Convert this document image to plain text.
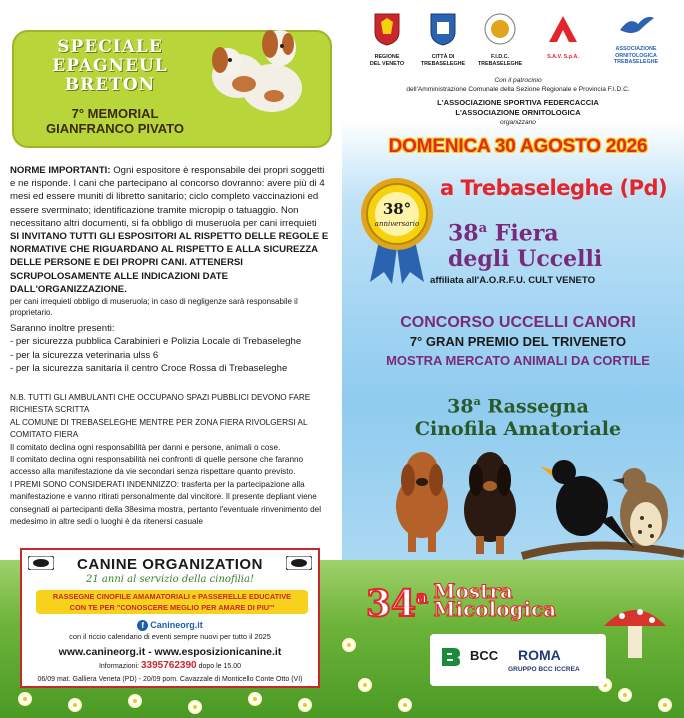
SPECIALE EPAGNEUL BRETON
7° MEMORIAL
GIANFRANCO PIVATO
NORME IMPORTANTI: Ogni espositore è responsabile dei propri soggetti e ne risponde. I cani che partecipano al concorso dovranno: avere più di 4 mesi ed essere muniti di libretto sanitario; ciclo completo vaccinazioni ed essere sverminato; identificazione tramite micropip o tatuaggio. Non necessitano altri documenti, si fa obbligo di museruola per cani irrequieti
SI INVITANO TUTTI GLI ESPOSITORI AL RISPETTO DELLE REGOLE E NORMATIVE CHE RIGUARDANO AL RISPETTO E ALLA SICUREZZA DELLE PERSONE E DEI PROPRI CANI. ATTENERSI SCRUPOLOSAMENTE ALLE INDICAZIONI DATE DALL'ORGANIZZAZIONE.
per cani irrequieti obbligo di museruola; in caso di negligenze sarà responsabile il proprietario.
Saranno inoltre presenti:
- per sicurezza pubblica Carabinieri e Polizia Locale di Trebaseleghe
- per la sicurezza veterinaria ulss 6
- per la sicurezza sanitaria il centro Croce Rossa di Trebaseleghe
N.B. TUTTI GLI AMBULANTI CHE OCCUPANO SPAZI PUBBLICI DEVONO FARE RICHIESTA SCRITTA
AL COMUNE DI TREBASELEGHE MENTRE PER ZONA FIERA RIVOLGERSI AL COMITATO FIERA
Il comitato declina ogni responsabilità per danni e persone, animali o cose.
Il comitato declina ogni responsabilità nei confronti di quelle persone che faranno accesso alla manifestazione da vie secondari senza rispettare quanto previsto.
I PREMI SONO CONSIDERATI INDENNIZZO: trasferta per la partecipazione alla manifestazione e vanno ritirati personalmente dal vincitore. Il presente depliant viene consegnati ai partecipanti della 38esima mostra, pertanto l'eventuale rinvenimento del medesimo in altre sedi o luoghi è da ritenersi casuale
CANINE ORGANIZATION
21 anni al servizio della cinofilia!
RASSEGNE CINOFILE AMAMATORIALI e PASSERELLE EDUCATIVE
CON TE PER "CONOSCERE MEGLIO PER AMARE DI PIU'"
f Canineorg.it
con il riccio calendario di eventi sempre nuovi per tutto il 2025
www.canineorg.it - www.esposizionicanine.it
Informazioni: 3395762390 dopo le 15.00
06/09 mat. Galliera Veneta (PD) - 20/09 pom. Cavazzale di Monticello Conte Otto (VI)
REGIONE
DEL VENETO
CITTÀ DI
TREBASELEGHE
F.I.D.C.
TREBASELEGHE
S.A.V. S.p.A.
ASSOCIAZIONE
ORNITOLOGICA
TREBASELEGHE
Con il patrocinio
dell'Amministrazione Comunale della Sezione Regionale e Provincia F.I.D.C.
L'ASSOCIAZIONE SPORTIVA FEDERCACCIA
L'ASSOCIAZIONE ORNITOLOGICA
organizzano
DOMENICA 30 AGOSTO 2026
38°
anniversario
a Trebaseleghe (Pd)
38$^a$ Fiera
degli Uccelli
affiliata all'A.O.R.F.U. CULT VENETO
CONCORSO UCCELLI CANORI
7° GRAN PREMIO DEL TRIVENETO
MOSTRA MERCATO ANIMALI DA CORTILE
38$^a$ Rassegna
Cinofila Amatoriale
34$^a$ Mostra
Micologica
BCC ROMA
GRUPPO BCC ICCREA
